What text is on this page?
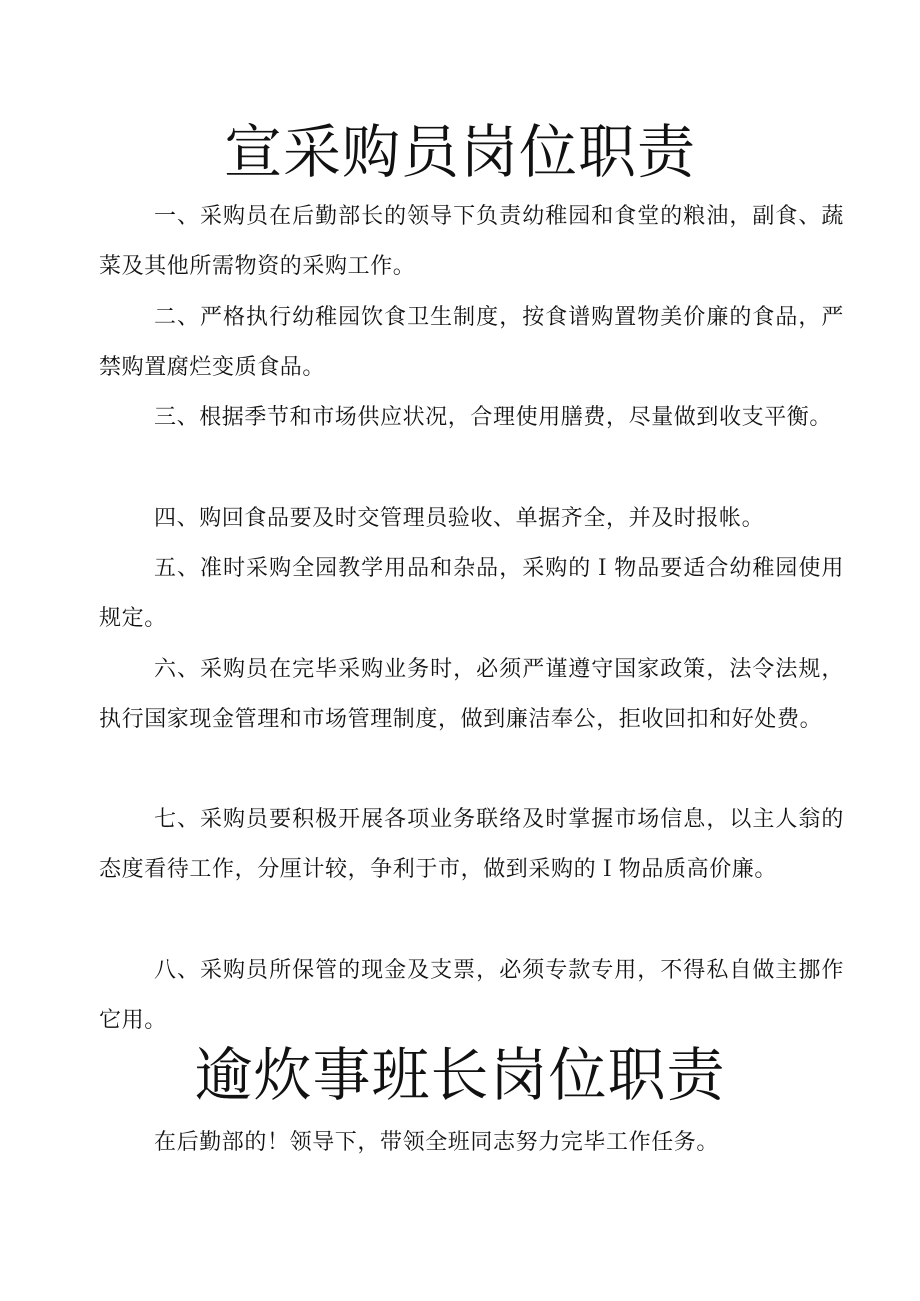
宣采购员岗位职责

一、采购员在后勤部长的领导下负责幼稚园和食堂的粮油，副食、蔬菜及其他所需物资的采购工作。

二、严格执行幼稚园饮食卫生制度，按食谱购置物美价廉的食品，严禁购置腐烂变质食品。

三、根据季节和市场供应状况，合理使用膳费，尽量做到收支平衡。

四、购回食品要及时交管理员验收、单据齐全，并及时报帐。

五、准时采购全园教学用品和杂品，采购的Ｉ物品要适合幼稚园使用规定。

六、采购员在完毕采购业务时，必须严谨遵守国家政策，法令法规，执行国家现金管理和市场管理制度，做到廉洁奉公，拒收回扣和好处费。

七、采购员要积极开展各项业务联络及时掌握市场信息，以主人翁的态度看待工作，分厘计较，争利于市，做到采购的Ｉ物品质高价廉。

八、采购员所保管的现金及支票，必须专款专用，不得私自做主挪作它用。

逾炊事班长岗位职责

在后勤部的！领导下，带领全班同志努力完毕工作任务。
